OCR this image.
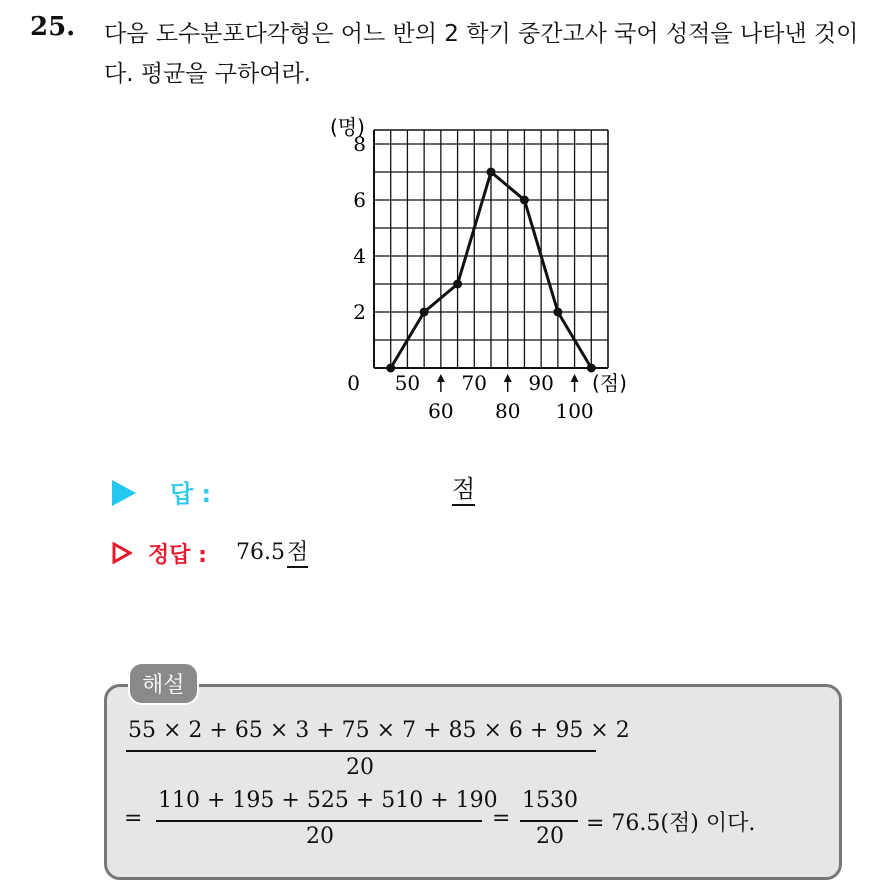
25. 다음 도수분포다각형은 어느 반의 2 학기 중간고사 국어 성적을 나타낸 것이다. 평균을 구하여라.
(명)
(점)
2
4
6
8
0 50 70 90
60 80 100
답 :	점
정답 : 76.5점
해설
55 × 2 + 65 × 3 + 75 × 7 + 85 × 6 + 95 × 2
20
=
110 + 195 + 525 + 510 + 190
20
=
1530
20
= 76.5(점) 이다.
